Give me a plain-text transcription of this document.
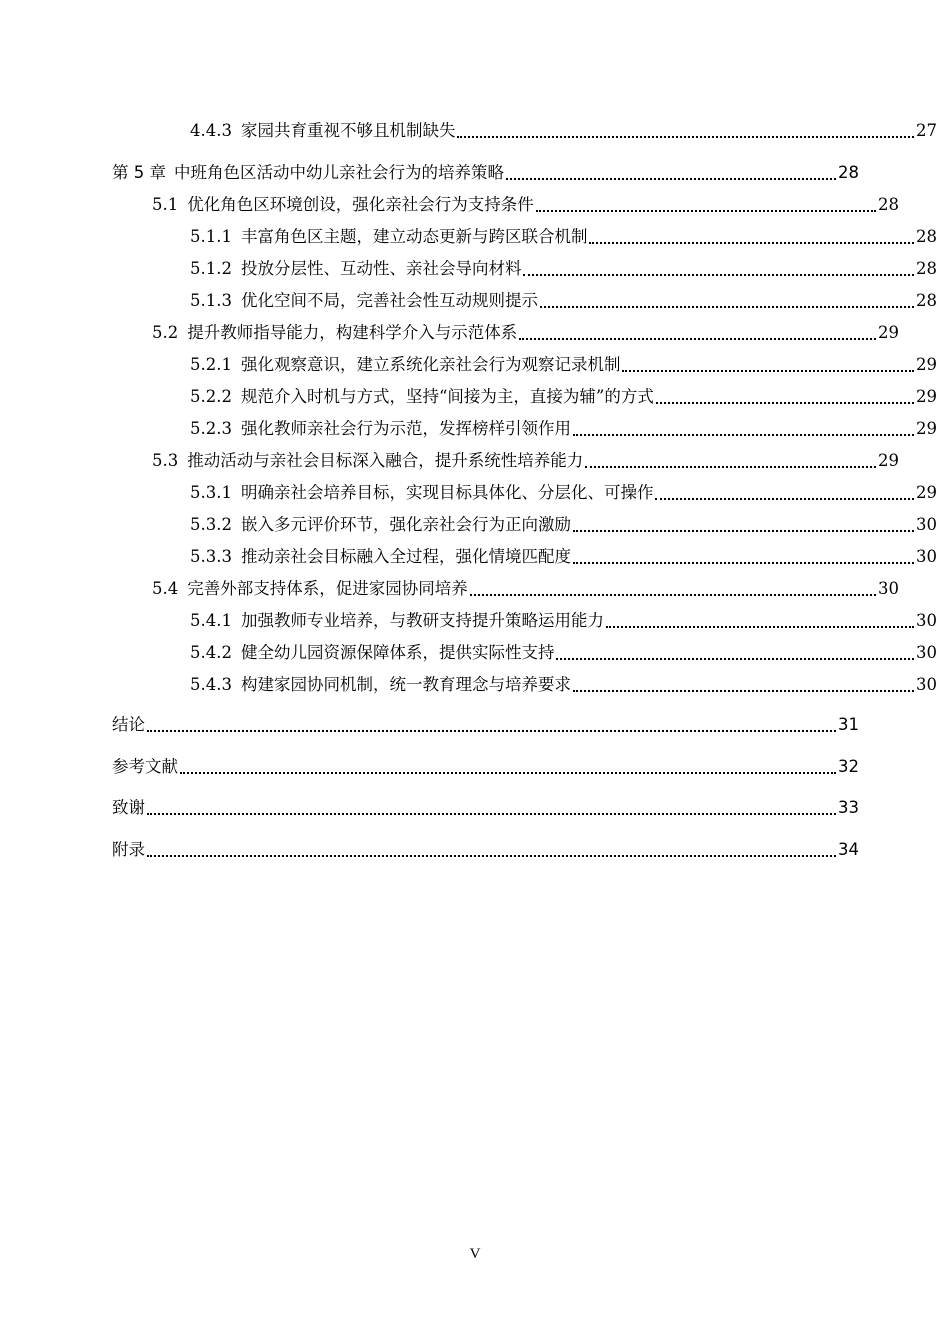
4.4.3 家园共育重视不够且机制缺失	27
第 5 章 中班角色区活动中幼儿亲社会行为的培养策略	28
5.1 优化角色区环境创设，强化亲社会行为支持条件	28
5.1.1 丰富角色区主题，建立动态更新与跨区联合机制	28
5.1.2 投放分层性、互动性、亲社会导向材料	28
5.1.3 优化空间不局，完善社会性互动规则提示	28
5.2 提升教师指导能力，构建科学介入与示范体系	29
5.2.1 强化观察意识，建立系统化亲社会行为观察记录机制	29
5.2.2 规范介入时机与方式，坚持“间接为主，直接为辅”的方式	29
5.2.3 强化教师亲社会行为示范，发挥榜样引领作用	29
5.3 推动活动与亲社会目标深入融合，提升系统性培养能力	29
5.3.1 明确亲社会培养目标，实现目标具体化、分层化、可操作	29
5.3.2 嵌入多元评价环节，强化亲社会行为正向激励	30
5.3.3 推动亲社会目标融入全过程，强化情境匹配度	30
5.4 完善外部支持体系，促进家园协同培养	30
5.4.1 加强教师专业培养，与教研支持提升策略运用能力	30
5.4.2 健全幼儿园资源保障体系，提供实际性支持	30
5.4.3 构建家园协同机制，统一教育理念与培养要求	30
结论	31
参考文献	32
致谢	33
附录	34
V
